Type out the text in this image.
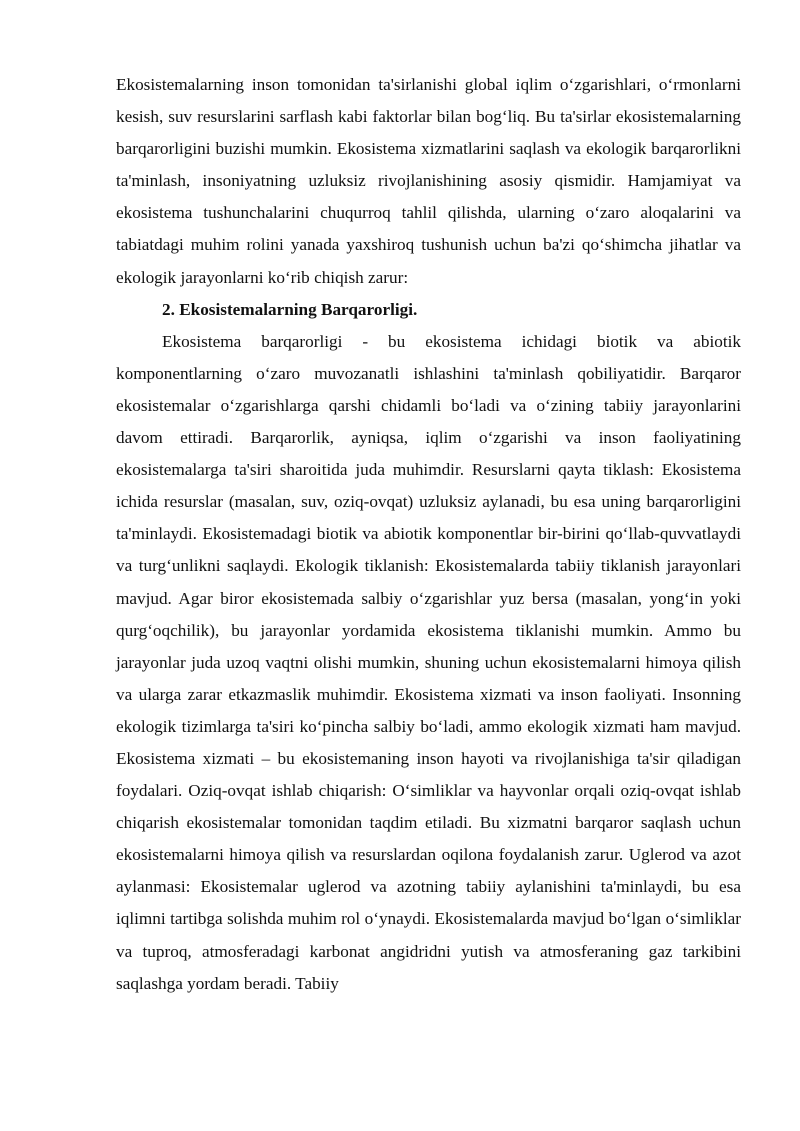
Ekosistemalarning inson tomonidan ta'sirlanishi global iqlim o‘zgarishlari, o‘rmonlarni kesish, suv resurslarini sarflash kabi faktorlar bilan bog‘liq. Bu ta'sirlar ekosistemalarning barqarorligini buzishi mumkin. Ekosistema xizmatlarini saqlash va ekologik barqarorlikni ta'minlash, insoniyatning uzluksiz rivojlanishining asosiy qismidir. Hamjamiyat va ekosistema tushunchalarini chuqurroq tahlil qilishda, ularning o‘zaro aloqalarini va tabiatdagi muhim rolini yanada yaxshiroq tushunish uchun ba'zi qo‘shimcha jihatlar va ekologik jarayonlarni ko‘rib chiqish zarur:

2. Ekosistemalarning Barqarorligi.

Ekosistema barqarorligi - bu ekosistema ichidagi biotik va abiotik komponentlarning o‘zaro muvozanatli ishlashini ta'minlash qobiliyatidir. Barqaror ekosistemalar o‘zgarishlarga qarshi chidamli bo‘ladi va o‘zining tabiiy jarayonlarini davom ettiradi. Barqarorlik, ayniqsa, iqlim o‘zgarishi va inson faoliyatining ekosistemalarga ta'siri sharoitida juda muhimdir. Resurslarni qayta tiklash: Ekosistema ichida resurslar (masalan, suv, oziq-ovqat) uzluksiz aylanadi, bu esa uning barqarorligini ta'minlaydi. Ekosistemadagi biotik va abiotik komponentlar bir-birini qo‘llab-quvvatlaydi va turg‘unlikni saqlaydi. Ekologik tiklanish: Ekosistemalarda tabiiy tiklanish jarayonlari mavjud. Agar biror ekosistemada salbiy o‘zgarishlar yuz bersa (masalan, yong‘in yoki qurg‘oqchilik), bu jarayonlar yordamida ekosistema tiklanishi mumkin. Ammo bu jarayonlar juda uzoq vaqtni olishi mumkin, shuning uchun ekosistemalarni himoya qilish va ularga zarar etkazmaslik muhimdir. Ekosistema xizmati va inson faoliyati. Insonning ekologik tizimlarga ta'siri ko‘pincha salbiy bo‘ladi, ammo ekologik xizmati ham mavjud. Ekosistema xizmati – bu ekosistemaning inson hayoti va rivojlanishiga ta'sir qiladigan foydalari. Oziq-ovqat ishlab chiqarish: O‘simliklar va hayvonlar orqali oziq-ovqat ishlab chiqarish ekosistemalar tomonidan taqdim etiladi. Bu xizmatni barqaror saqlash uchun ekosistemalarni himoya qilish va resurslardan oqilona foydalanish zarur. Uglerod va azot aylanmasi: Ekosistemalar uglerod va azotning tabiiy aylanishini ta'minlaydi, bu esa iqlimni tartibga solishda muhim rol o‘ynaydi. Ekosistemalarda mavjud bo‘lgan o‘simliklar va tuproq, atmosferadagi karbonat angidridni yutish va atmosferaning gaz tarkibini saqlashga yordam beradi. Tabiiy
